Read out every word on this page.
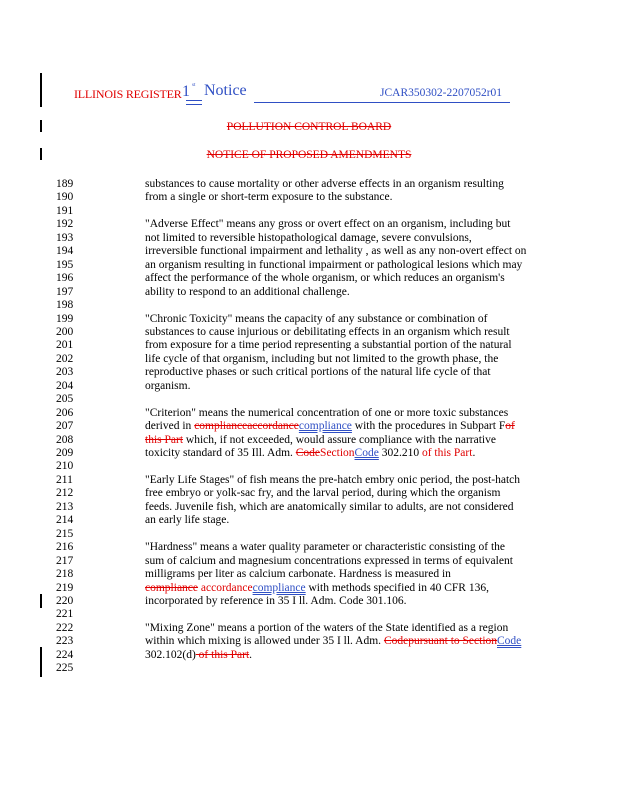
ILLINOIS REGISTER 1 st Notice	JCAR350302-2207052r01
POLLUTION CONTROL BOARD
NOTICE OF PROPOSED AMENDMENTS
189	substances to cause mortality or other adverse effects in an organism resulting
190	from a single or short-term exposure to the substance.
191
192	"Adverse Effect" means any gross or overt effect on an organism, including but
193	not limited to reversible histopathological damage, severe convulsions,
194	irreversible functional impairment and lethality , as well as any non-overt effect on
195	an organism resulting in functional impairment or pathological lesions which may
196	affect the performance of the whole organism, or which reduces an organism's
197	ability to respond to an additional challenge.
198
199	"Chronic Toxicity" means the capacity of any substance or combination of
200	substances to cause injurious or debilitating effects in an organism which result
201	from exposure for a time period representing a substantial portion of the natural
202	life cycle of that organism, including but not limited to the growth phase, the
203	reproductive phases or such critical portions of the natural life cycle of that
204	organism.
205
206	"Criterion" means the numerical concentration of one or more toxic substances
207	derived in complianceaccordancecompliance with the procedures in Subpart Fof
208	this Part which, if not exceeded, would assure compliance with the narrative
209	toxicity standard of 35 Ill. Adm. CodeSectionCode 302.210 of this Part.
210
211	"Early Life Stages" of fish means the pre-hatch embry onic period, the post-hatch
212	free embryo or yolk-sac fry, and the larval period, during which the organism
213	feeds. Juvenile fish, which are anatomically similar to adults, are not considered
214	an early life stage.
215
216	"Hardness" means a water quality parameter or characteristic consisting of the
217	sum of calcium and magnesium concentrations expressed in terms of equivalent
218	milligrams per liter as calcium carbonate. Hardness is measured in
219	compliance accordancecompliance with methods specified in 40 CFR 136,
220	incorporated by reference in 35 I ll. Adm. Code 301.106.
221
222	"Mixing Zone" means a portion of the waters of the State identified as a region
223	within which mixing is allowed under 35 I ll. Adm. Codepursuant to SectionCode
224	302.102(d) of this Part.
225
